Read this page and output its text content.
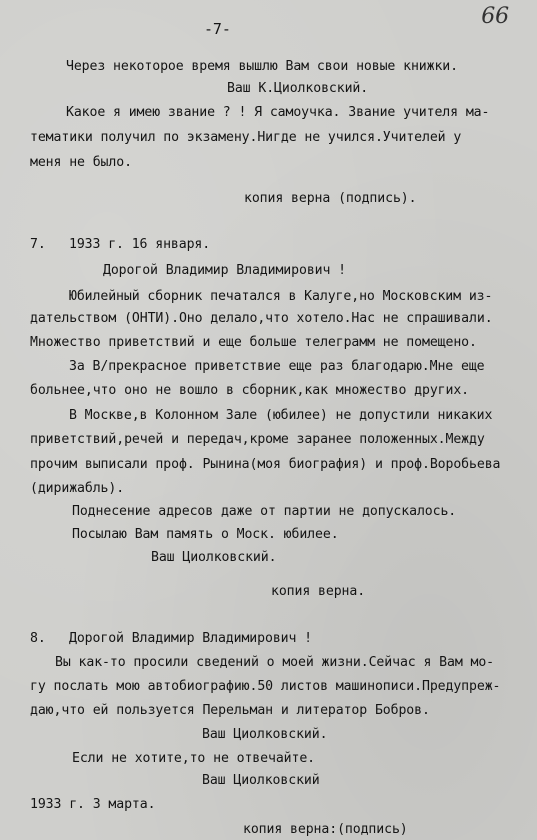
66
-7-
Через некоторое время вышлю Вам свои новые книжки.
Ваш К.Циолковский.
Какое я имею звание ? ! Я самоучка. Звание учителя ма-
тематики получил по экзамену.Нигде не учился.Учителей у
меня не было.
копия верна (подпись).
7. 1933 г. 16 января.
Дорогой Владимир Владимирович !
Юбилейный сборник печатался в Калуге,но Московским из-
дательством (ОНТИ).Оно делало,что хотело.Нас не спрашивали.
Множество приветствий и еще больше телеграмм не помещено.
За В/прекрасное приветствие еще раз благодарю.Мне еще
больнее,что оно не вошло в сборник,как множество других.
В Москве,в Колонном Зале (юбилее) не допустили никаких
приветствий,речей и передач,кроме заранее положенных.Между
прочим выписали проф. Рынина(моя биография) и проф.Воробьева
(дирижабль).
Поднесение адресов даже от партии не допускалось.
Посылаю Вам память о Моск. юбилее.
Ваш Циолковский.
копия верна.
8. Дорогой Владимир Владимирович !
Вы как-то просили сведений о моей жизни.Сейчас я Вам мо-
гу послать мою автобиографию.50 листов машинописи.Предупреж-
даю,что ей пользуется Перельман и литератор Бобров.
Ваш Циолковский.
Если не хотите,то не отвечайте.
Ваш Циолковский
1933 г. 3 марта.
копия верна:(подпись)
